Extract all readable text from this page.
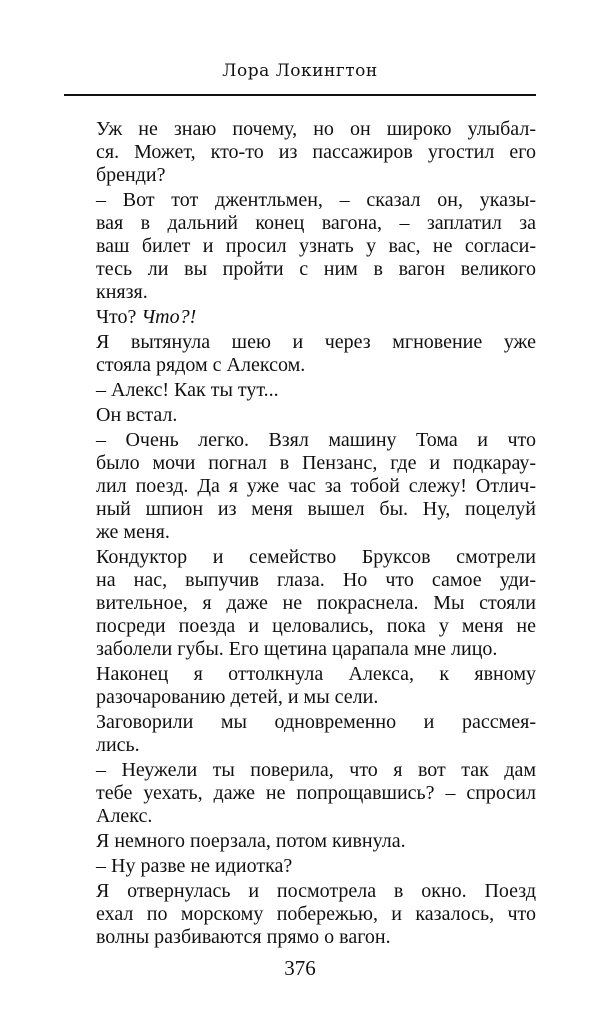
Лора Локингтон

Уж не знаю почему, но он широко улыбал-
ся. Может, кто-то из пассажиров угостил его
бренди?

– Вот тот джентльмен, – сказал он, указы-
вая в дальний конец вагона, – заплатил за
ваш билет и просил узнать у вас, не согласи-
тесь ли вы пройти с ним в вагон великого
князя.

Что? Что?!

Я вытянула шею и через мгновение уже
стояла рядом с Алексом.

– Алекс! Как ты тут...

Он встал.

– Очень легко. Взял машину Тома и что
было мочи погнал в Пензанс, где и подкарау-
лил поезд. Да я уже час за тобой слежу! Отлич-
ный шпион из меня вышел бы. Ну, поцелуй
же меня.

Кондуктор и семейство Бруксов смотрели
на нас, выпучив глаза. Но что самое уди-
вительное, я даже не покраснела. Мы стояли
посреди поезда и целовались, пока у меня не
заболели губы. Его щетина царапала мне лицо.

Наконец я оттолкнула Алекса, к явному
разочарованию детей, и мы сели.

Заговорили мы одновременно и рассмея-
лись.

– Неужели ты поверила, что я вот так дам
тебе уехать, даже не попрощавшись? – спросил
Алекс.

Я немного поерзала, потом кивнула.

– Ну разве не идиотка?

Я отвернулась и посмотрела в окно. Поезд
ехал по морскому побережью, и казалось, что
волны разбиваются прямо о вагон.

376
